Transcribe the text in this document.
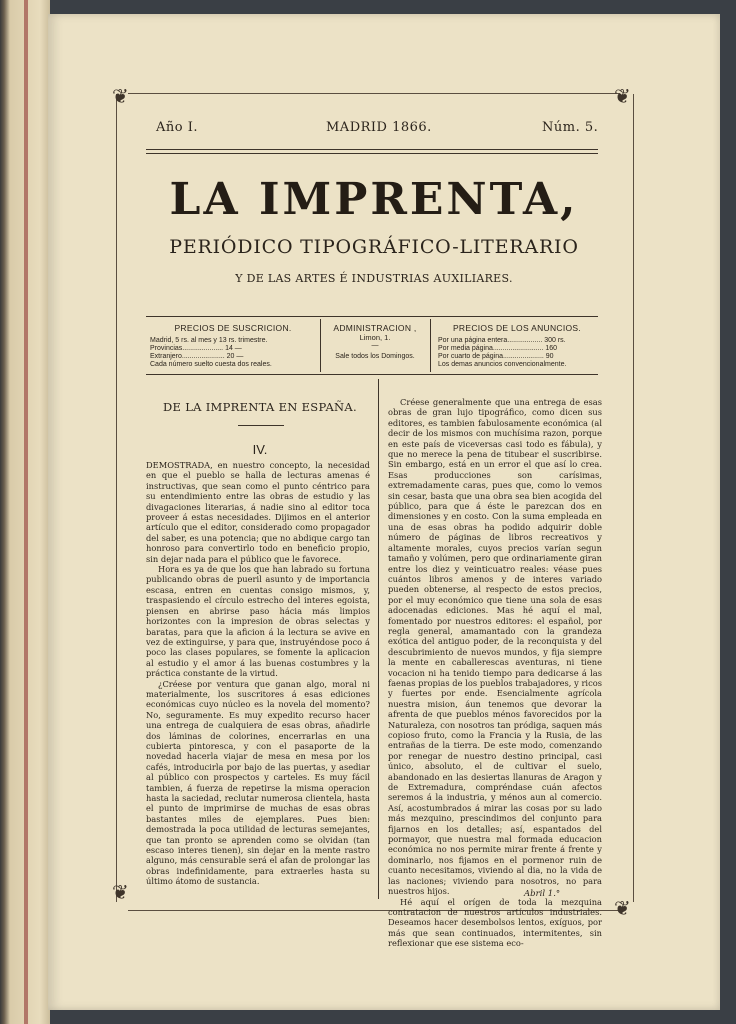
❦	❦
❦
❦
Año I.	MADRID 1866.	Núm. 5.
LA IMPRENTA,
PERIÓDICO TIPOGRÁFICO-LITERARIO
Y DE LAS ARTES É INDUSTRIAS AUXILIARES.
PRECIOS DE SUSCRICION.
Madrid, 5 rs. al mes y 13 rs. trimestre.
Provincias..................... 14 —
Extranjero...................... 20 —
Cada número suelto cuesta dos reales.
ADMINISTRACION ,
Limon, 1.
—
Sale todos los Domingos.
PRECIOS DE LOS ANUNCIOS.
Por una página entera.................. 300 rs.
Por media página.......................... 160
Por cuarto de página..................... 90
Los demas anuncios convencionalmente.
DE LA IMPRENTA EN ESPAÑA.
IV.

DEMOSTRADA, en nuestro concepto, la necesidad en que el pueblo se halla de lecturas amenas é instructivas, que sean como el punto céntrico para su entendimiento entre las obras de estudio y las divagaciones literarias, á nadie sino al editor toca proveer á estas necesidades. Dijimos en el anterior artículo que el editor, considerado como propagador del saber, es una potencia; que no abdique cargo tan honroso para convertirlo todo en beneficio propio, sin dejar nada para el público que le favorece.

Hora es ya de que los que han labrado su fortuna publicando obras de pueril asunto y de importancia escasa, entren en cuentas consigo mismos, y, traspasiendo el círculo estrecho del interes egoista, piensen en abrirse paso hácia más limpios horizontes con la impresion de obras selectas y baratas, para que la aficion á la lectura se avive en vez de extinguirse, y para que, instruyéndose poco á poco las clases populares, se fomente la aplicacion al estudio y el amor á las buenas costumbres y la práctica constante de la virtud.

¿Créese por ventura que ganan algo, moral ni materialmente, los suscritores á esas ediciones económicas cuyo núcleo es la novela del momento? No, seguramente. Es muy expedito recurso hacer una entrega de cualquiera de esas obras, añadirle dos láminas de colorines, encerrarlas en una cubierta pintoresca, y con el pasaporte de la novedad hacerla viajar de mesa en mesa por los cafés, introducirla por bajo de las puertas, y asediar al público con prospectos y carteles. Es muy fácil tambien, á fuerza de repetirse la misma operacion hasta la saciedad, reclutar numerosa clientela, hasta el punto de imprimirse de muchas de esas obras bastantes miles de ejemplares. Pues bien: demostrada la poca utilidad de lecturas semejantes, que tan pronto se aprenden como se olvidan (tan escaso interes tienen), sin dejar en la mente rastro alguno, más censurable será el afan de prolongar las obras indefinidamente, para extraerles hasta su último átomo de sustancia.

Créese generalmente que una entrega de esas obras de gran lujo tipográfico, como dicen sus editores, es tambien fabulosamente económica (al decir de los mismos con muchísima razon, porque en este país de viceversas casi todo es fábula), y que no merece la pena de titubear el suscribirse. Sin embargo, está en un error el que así lo crea. Esas producciones son carísimas, extremadamente caras, pues que, como lo vemos sin cesar, basta que una obra sea bien acogida del público, para que á éste le parezcan dos en dimensiones y en costo. Con la suma empleada en una de esas obras ha podido adquirir doble número de páginas de libros recreativos y altamente morales, cuyos precios varían segun tamaño y volúmen, pero que ordinariamente giran entre los diez y veinticuatro reales: véase pues cuántos libros amenos y de interes variado pueden obtenerse, al respecto de estos precios, por el muy económico que tiene una sola de esas adocenadas ediciones. Mas hé aquí el mal, fomentado por nuestros editores: el español, por regla general, amamantado con la grandeza exótica del antiguo poder, de la reconquista y del descubrimiento de nuevos mundos, y fija siempre la mente en caballerescas aventuras, ni tiene vocacion ni ha tenido tiempo para dedicarse á las faenas propias de los pueblos trabajadores, y ricos y fuertes por ende. Esencialmente agrícola nuestra mision, áun tenemos que devorar la afrenta de que pueblos ménos favorecidos por la Naturaleza, con nosotros tan pródiga, saquen más copioso fruto, como la Francia y la Rusia, de las entrañas de la tierra. De este modo, comenzando por renegar de nuestro destino principal, casi único, absoluto, el de cultivar el suelo, abandonado en las desiertas llanuras de Aragon y de Extremadura, compréndase cuán afectos seremos á la industria, y ménos aun al comercio. Así, acostumbrados á mirar las cosas por su lado más mezquino, prescindimos del conjunto para fijarnos en los detalles; así, espantados del pormayor, que nuestra mal formada educacion económica no nos permite mirar frente á frente y dominarlo, nos fijamos en el pormenor ruin de cuanto necesitamos, viviendo al dia, no la vida de las naciones; viviendo para nosotros, no para nuestros hijos.

Hé aquí el orígen de toda la mezquina contratacion de nuestros artículos industriales. Deseamos hacer desembolsos lentos, exíguos, por más que sean continuados, intermitentes, sin reflexionar que ese sistema eco-

Abril 1.°
